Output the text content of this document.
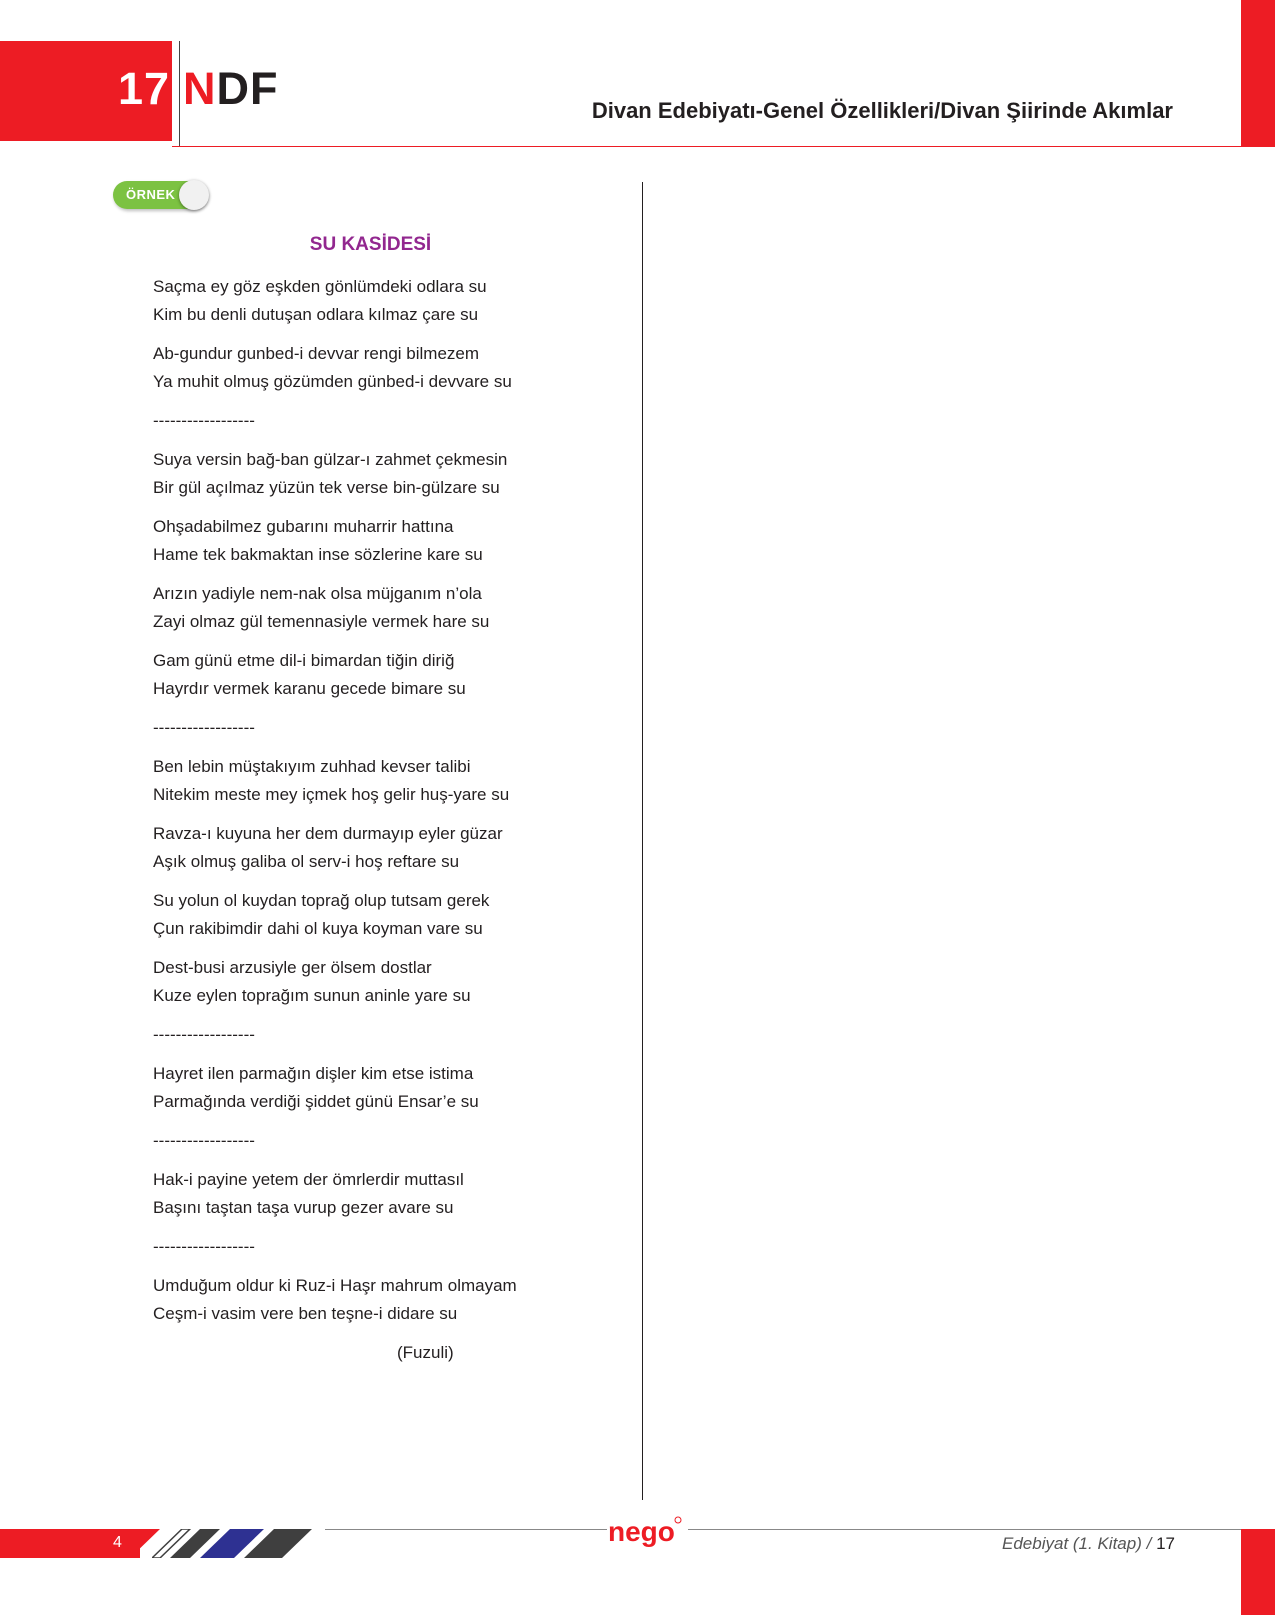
17 NDF	Divan Edebiyatı-Genel Özellikleri/Divan Şiirinde Akımlar
ÖRNEK
SU KASİDESİ
Saçma ey göz eşkden gönlümdeki odlara su
Kim bu denli dutuşan odlara kılmaz çare su
Ab-gundur gunbed-i devvar rengi bilmezem
Ya muhit olmuş gözümden günbed-i devvare su
------------------
Suya versin bağ-ban gülzar-ı zahmet çekmesin
Bir gül açılmaz yüzün tek verse bin-gülzare su
Ohşadabilmez gubarını muharrir hattına
Hame tek bakmaktan inse sözlerine kare su
Arızın yadiyle nem-nak olsa müjganım n’ola
Zayi olmaz gül temennasiyle vermek hare su
Gam günü etme dil-i bimardan tiğin diriğ
Hayrdır vermek karanu gecede bimare su
------------------
Ben lebin müştakıyım zuhhad kevser talibi
Nitekim meste mey içmek hoş gelir huş-yare su
Ravza-ı kuyuna her dem durmayıp eyler güzar
Aşık olmuş galiba ol serv-i hoş reftare su
Su yolun ol kuydan toprağ olup tutsam gerek
Çun rakibimdir dahi ol kuya koyman vare su
Dest-busi arzusiyle ger ölsem dostlar
Kuze eylen toprağım sunun aninle yare su
------------------
Hayret ilen parmağın dişler kim etse istima
Parmağında verdiği şiddet günü Ensar’e su
------------------
Hak-i payine yetem der ömrlerdir muttasıl
Başını taştan taşa vurup gezer avare su
------------------
Umduğum oldur ki Ruz-i Haşr mahrum olmayam
Ceşm-i vasim vere ben teşne-i didare su
(Fuzuli)
4	nego	Edebiyat (1. Kitap) / 17
